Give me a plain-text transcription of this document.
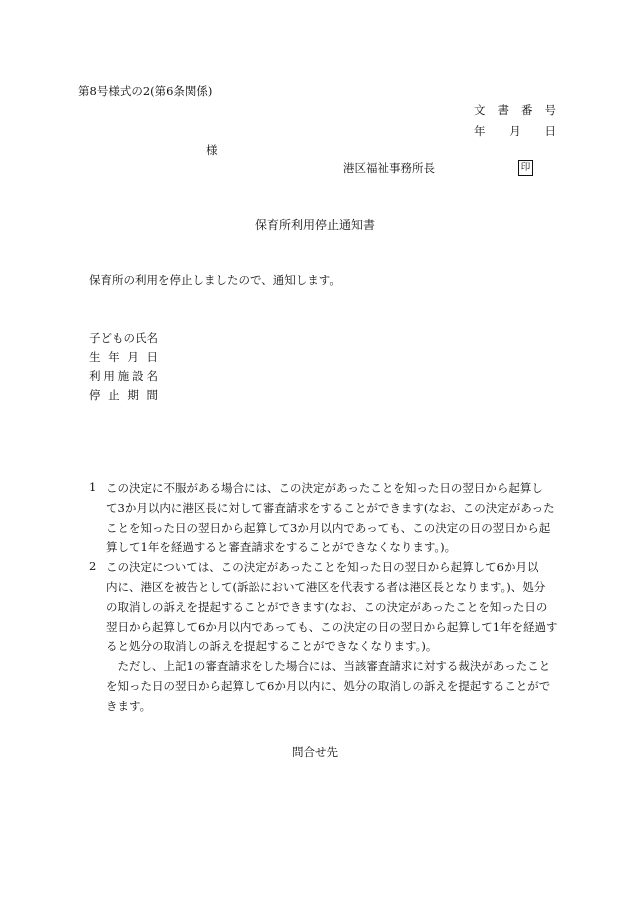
第8号様式の2(第6条関係)
文 書 番 号
年 月 日
様
港区福祉事務所長	印
保育所利用停止通知書
保育所の利用を停止しましたので、通知します。
子どもの氏名
生 年 月 日
利 用 施 設 名
停 止 期 間
1 この決定に不服がある場合には、この決定があったことを知った日の翌日から起算し
て3か月以内に港区長に対して審査請求をすることができます(なお、この決定があった
ことを知った日の翌日から起算して3か月以内であっても、この決定の日の翌日から起
算して1年を経過すると審査請求をすることができなくなります。)。
2 この決定については、この決定があったことを知った日の翌日から起算して6か月以
内に、港区を被告として(訴訟において港区を代表する者は港区長となります。)、処分
の取消しの訴えを提起することができます(なお、この決定があったことを知った日の
翌日から起算して6か月以内であっても、この決定の日の翌日から起算して1年を経過す
ると処分の取消しの訴えを提起することができなくなります。)。
　ただし、上記1の審査請求をした場合には、当該審査請求に対する裁決があったこと
を知った日の翌日から起算して6か月以内に、処分の取消しの訴えを提起することがで
きます。
問合せ先
